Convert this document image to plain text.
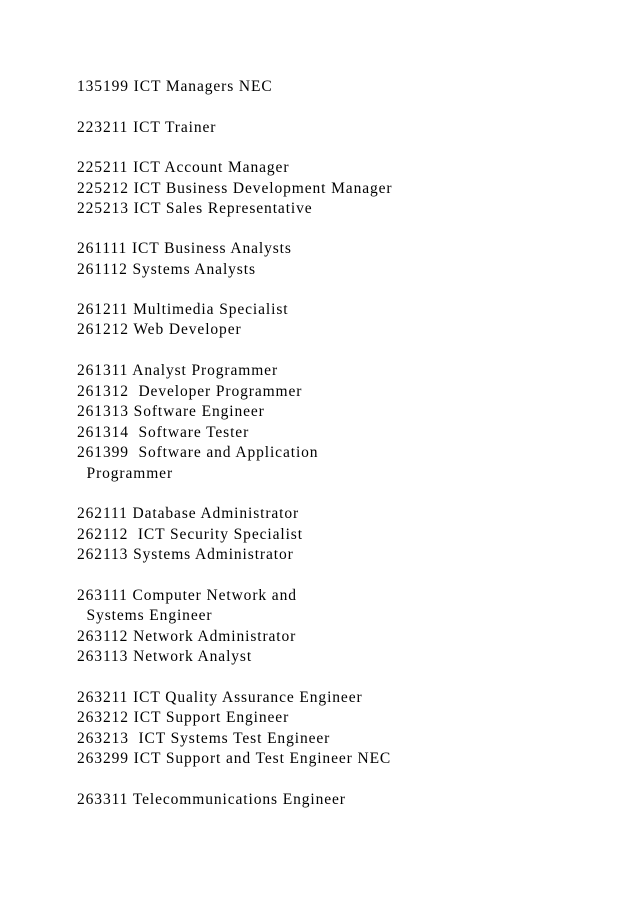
135199 ICT Managers NEC
223211 ICT Trainer
225211 ICT Account Manager
225212 ICT Business Development Manager
225213 ICT Sales Representative
261111 ICT Business Analysts
261112 Systems Analysts
261211 Multimedia Specialist
261212 Web Developer
261311 Analyst Programmer
261312  Developer Programmer
261313 Software Engineer
261314  Software Tester
261399  Software and Application
Programmer
262111 Database Administrator
262112  ICT Security Specialist
262113 Systems Administrator
263111 Computer Network and
Systems Engineer
263112 Network Administrator
263113 Network Analyst
263211 ICT Quality Assurance Engineer
263212 ICT Support Engineer
263213  ICT Systems Test Engineer
263299 ICT Support and Test Engineer NEC
263311 Telecommunications Engineer
